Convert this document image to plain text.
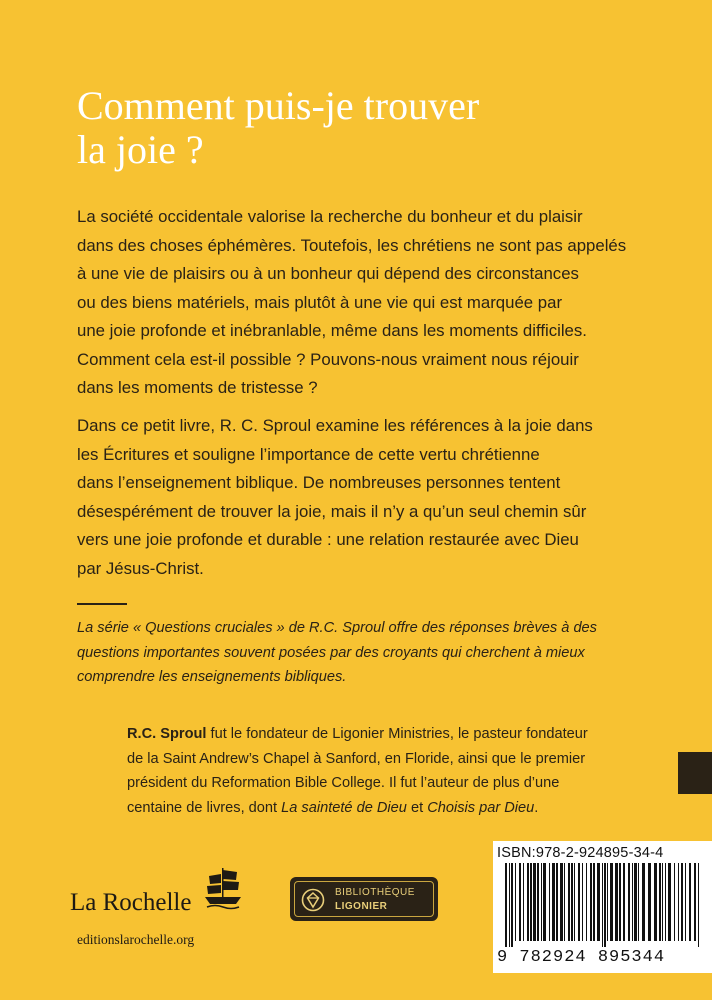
Comment puis-je trouver
la joie ?
La société occidentale valorise la recherche du bonheur et du plaisir
dans des choses éphémères. Toutefois, les chrétiens ne sont pas appelés
à une vie de plaisirs ou à un bonheur qui dépend des circonstances
ou des biens matériels, mais plutôt à une vie qui est marquée par
une joie profonde et inébranlable, même dans les moments difficiles.
Comment cela est-il possible ? Pouvons-nous vraiment nous réjouir
dans les moments de tristesse ?
Dans ce petit livre, R. C. Sproul examine les références à la joie dans
les Écritures et souligne l’importance de cette vertu chrétienne
dans l’enseignement biblique. De nombreuses personnes tentent
désespérément de trouver la joie, mais il n’y a qu’un seul chemin sûr
vers une joie profonde et durable : une relation restaurée avec Dieu
par Jésus-Christ.
La série « Questions cruciales » de R.C. Sproul offre des réponses brèves à des
questions importantes souvent posées par des croyants qui cherchent à mieux
comprendre les enseignements bibliques.
R.C. Sproul fut le fondateur de Ligonier Ministries, le pasteur fondateur
de la Saint Andrew’s Chapel à Sanford, en Floride, ainsi que le premier
président du Reformation Bible College. Il fut l’auteur de plus d’une
centaine de livres, dont La sainteté de Dieu et Choisis par Dieu.
La Rochelle
editionslarochelle.org
BIBLIOTHÈQUE
LIGONIER
ISBN:978-2-924895-34-4
9 782924 895344
